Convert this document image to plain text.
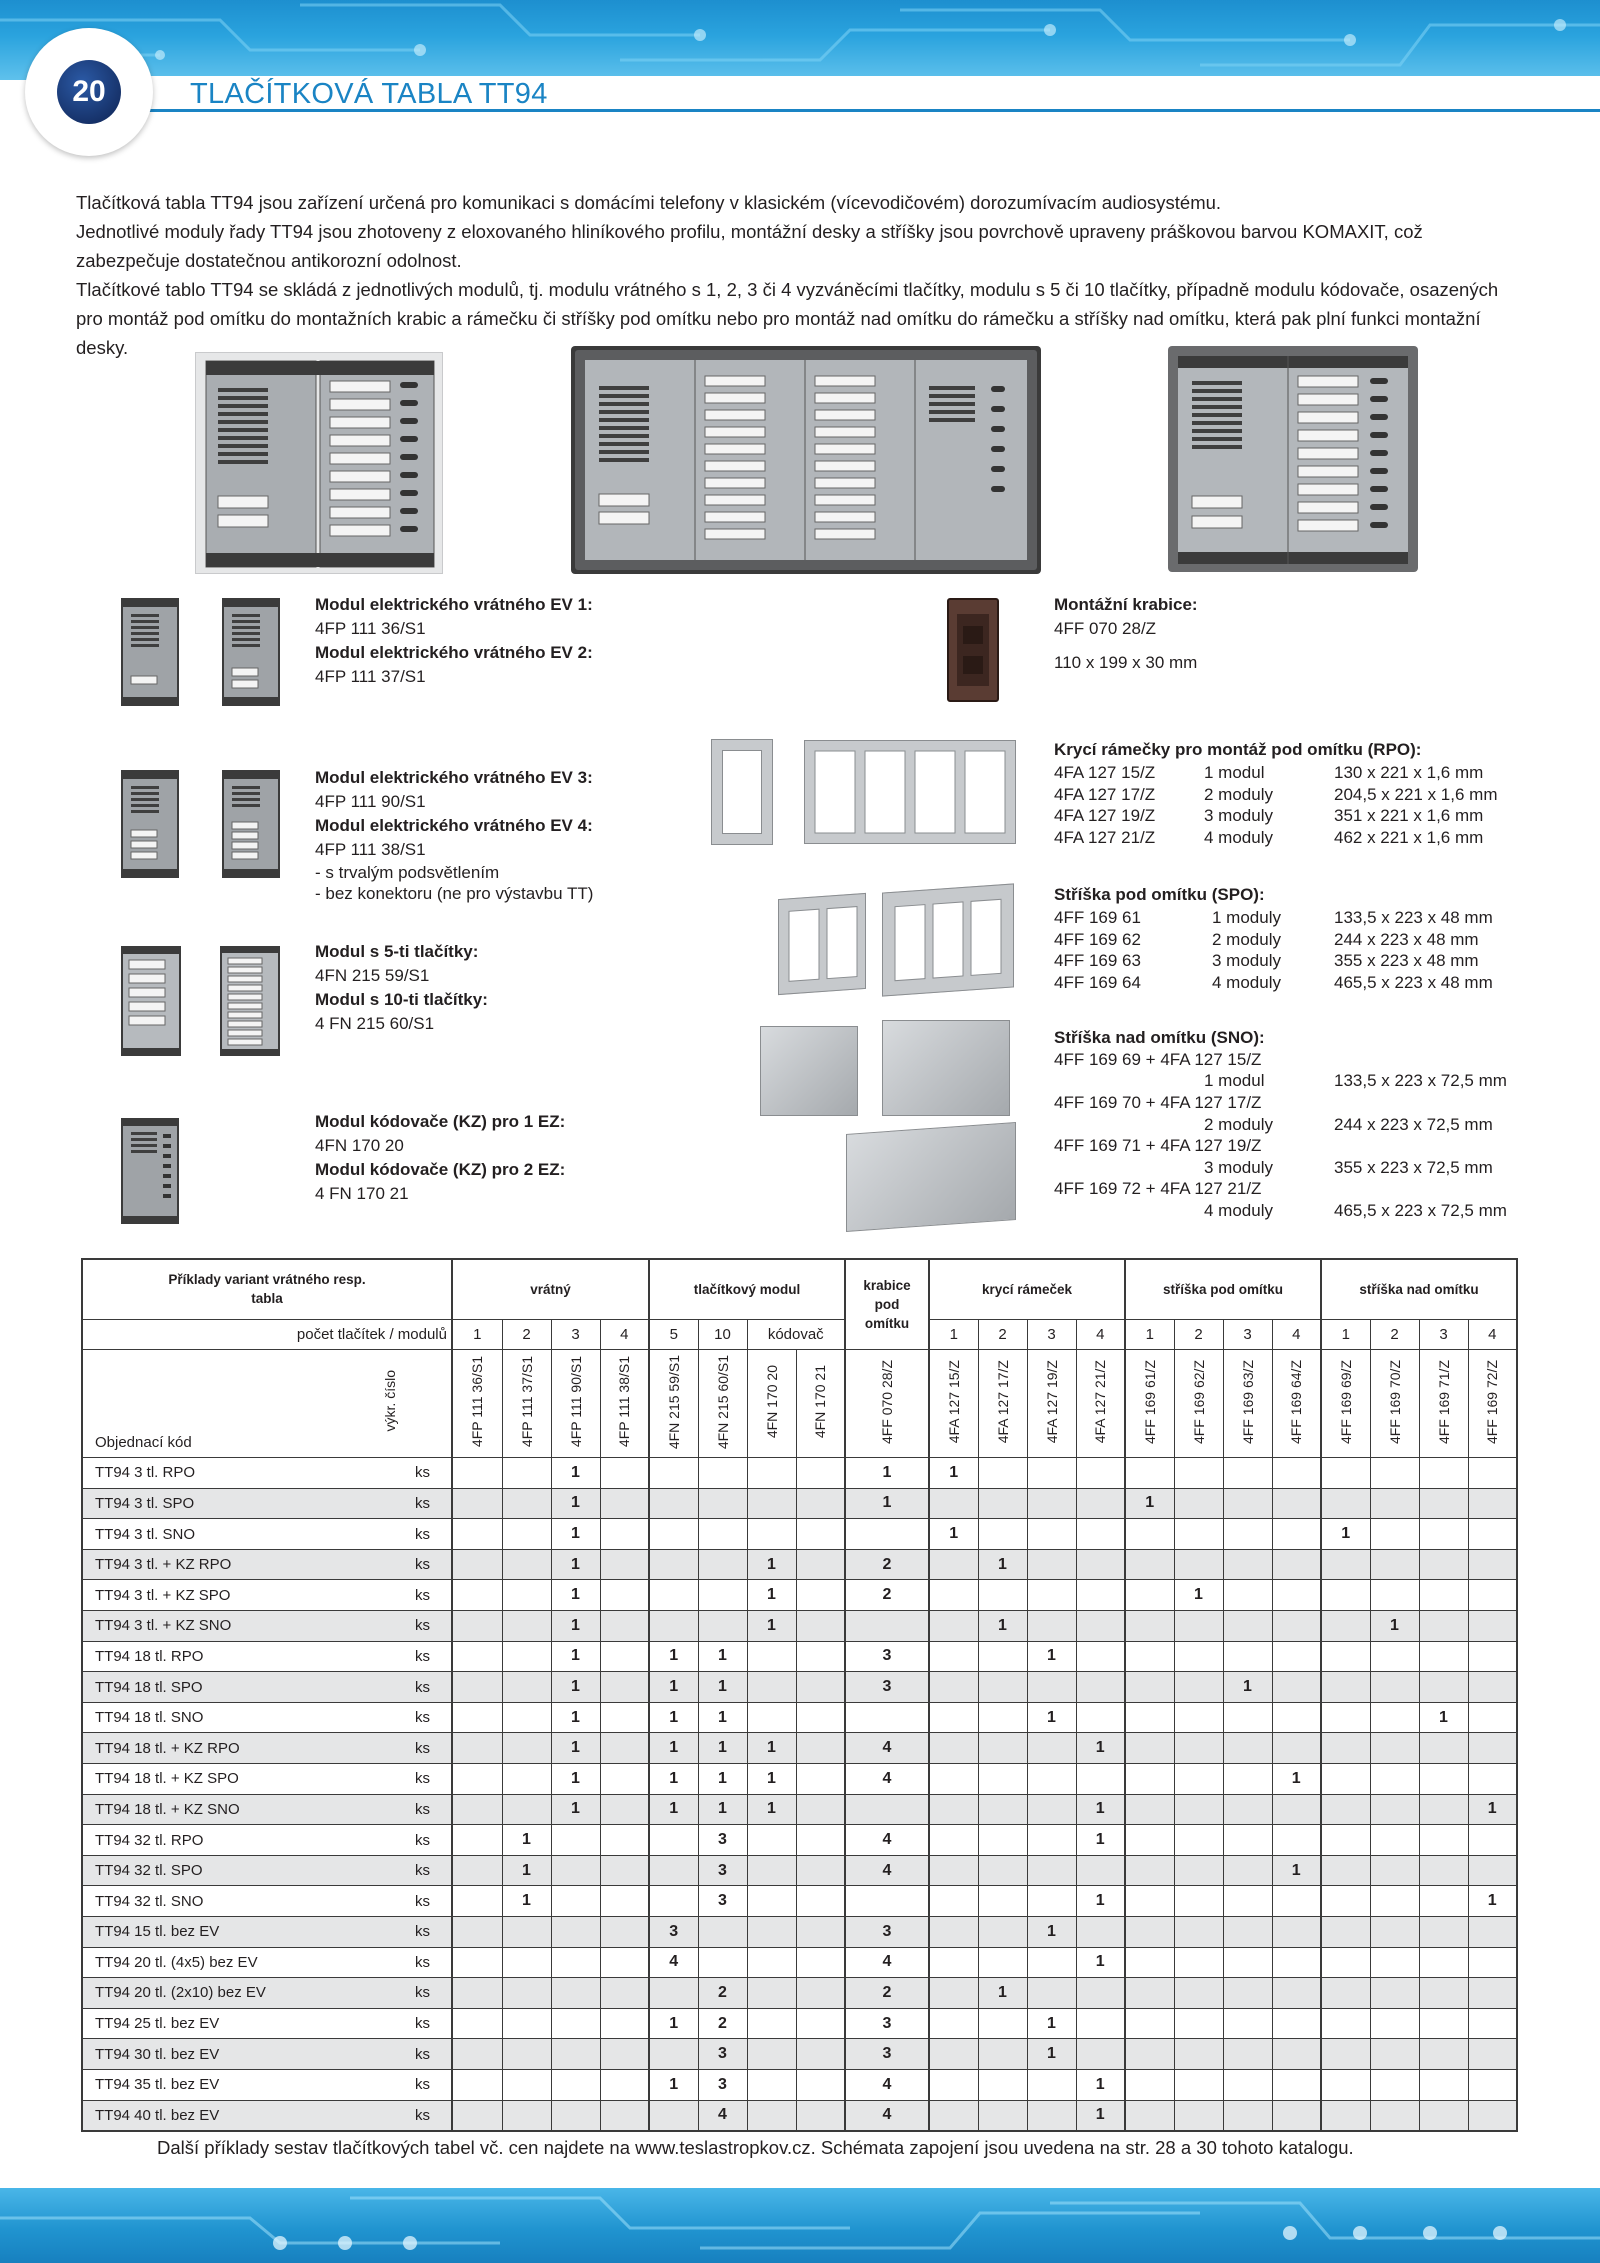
TLAČÍTKOVÁ TABLA TT94
20

Tlačítková tabla TT94 jsou zařízení určená pro komunikaci s domácími telefony v klasickém (vícevodičovém) dorozumívacím audiosystému.

Jednotlivé moduly řady TT94 jsou zhotoveny z eloxovaného hliníkového profilu, montážní desky a stříšky jsou povrchově upraveny práškovou barvou KOMAXIT, což zabezpečuje dostatečnou antikorozní odolnost.

Tlačítkové tablo TT94 se skládá z jednotlivých modulů, tj. modulu vrátného s 1, 2, 3 či 4 vyzváněcími tlačítky, modulu s 5 či 10 tlačítky, případně modulu kódovače, osazených pro montáž pod omítku do montažních krabic a rámečku či stříšky pod omítku nebo pro montáž nad omítku do rámečku a stříšky nad omítku, která pak plní funkci montažní desky.

Modul elektrického vrátného EV 1:
4FP 111 36/S1
Modul elektrického vrátného EV 2:
4FP 111 37/S1
Modul elektrického vrátného EV 3:
4FP 111 90/S1
Modul elektrického vrátného EV 4:
4FP 111 38/S1
- s trvalým podsvětlením
- bez konektoru (ne pro výstavbu TT)
Modul s 5-ti tlačítky:
4FN 215 59/S1
Modul s 10-ti tlačítky:
4 FN 215 60/S1
Modul kódovače (KZ) pro 1 EZ:
4FN 170 20
Modul kódovače (KZ) pro 2 EZ:
4 FN 170 21
Montážní krabice:
4FF 070 28/Z
110 x 199 x 30 mm
Krycí rámečky pro montáž pod omítku (RPO):
4FA 127 15/Z	1 modul	130 x 221 x 1,6 mm
4FA 127 17/Z	2 moduly	204,5 x 221 x 1,6 mm
4FA 127 19/Z	3 moduly	351 x 221 x 1,6 mm
4FA 127 21/Z	4 moduly	462 x 221 x 1,6 mm
Stříška pod omítku (SPO):
4FF 169 61	1 moduly	133,5 x 223 x 48 mm
4FF 169 62	2 moduly	244 x 223 x 48 mm
4FF 169 63	3 moduly	355 x 223 x 48 mm
4FF 169 64	4 moduly	465,5 x 223 x 48 mm
Stříška nad omítku (SNO):
4FF 169 69 + 4FA 127 15/Z
1 modul	133,5 x 223 x 72,5 mm
4FF 169 70 + 4FA 127 17/Z
2 moduly	244 x 223 x 72,5 mm
4FF 169 71 + 4FA 127 19/Z
3 moduly	355 x 223 x 72,5 mm
4FF 169 72 + 4FA 127 21/Z
4 moduly	465,5 x 223 x 72,5 mm
Příklady variant vrátného resp. tabla		vrátný				tlačítkový modul				krabice pod omítku	krycí rámeček				stříška pod omítku				stříška nad omítku			
počet tlačítek / modulů		1	2	3	4	5	10	kódovač			1	2	3	4	1	2	3	4	1	2	3	4
Objednací kód
výkr. číslo		4FP 111 36/S1	4FP 111 37/S1	4FP 111 90/S1	4FP 111 38/S1	4FN 215 59/S1	4FN 215 60/S1	4FN 170 20	4FN 170 21	4FF 070 28/Z	4FA 127 15/Z	4FA 127 17/Z	4FA 127 19/Z	4FA 127 21/Z	4FF 169 61/Z	4FF 169 62/Z	4FF 169 63/Z	4FF 169 64/Z	4FF 169 69/Z	4FF 169 70/Z	4FF 169 71/Z	4FF 169 72/Z
TT94 3 tl. RPO	ks			1						1	1											
TT94 3 tl. SPO	ks			1						1					1							
TT94 3 tl. SNO	ks			1							1								1			
TT94 3 tl. + KZ RPO	ks			1				1		2		1										
TT94 3 tl. + KZ SPO	ks			1				1		2						1						
TT94 3 tl. + KZ SNO	ks			1				1				1								1		
TT94 18 tl. RPO	ks			1		1	1			3			1									
TT94 18 tl. SPO	ks			1		1	1			3							1					
TT94 18 tl. SNO	ks			1		1	1						1								1	
TT94 18 tl. + KZ RPO	ks			1		1	1	1		4				1								
TT94 18 tl. + KZ SPO	ks			1		1	1	1		4								1				
TT94 18 tl. + KZ SNO	ks			1		1	1	1						1								1
TT94 32 tl. RPO	ks		1				3			4				1								
TT94 32 tl. SPO	ks		1				3			4								1				
TT94 32 tl. SNO	ks		1				3							1								1
TT94 15 tl. bez EV	ks					3				3			1									
TT94 20 tl. (4x5) bez EV	ks					4				4				1								
TT94 20 tl. (2x10) bez EV	ks						2			2		1										
TT94 25 tl. bez EV	ks					1	2			3			1									
TT94 30 tl. bez EV	ks						3			3			1									
TT94 35 tl. bez EV	ks					1	3			4				1								
TT94 40 tl. bez EV	ks						4			4				1								
Další příklady sestav tlačítkových tabel vč. cen najdete na www.teslastropkov.cz. Schémata zapojení jsou uvedena na str. 28 a 30 tohoto katalogu.
